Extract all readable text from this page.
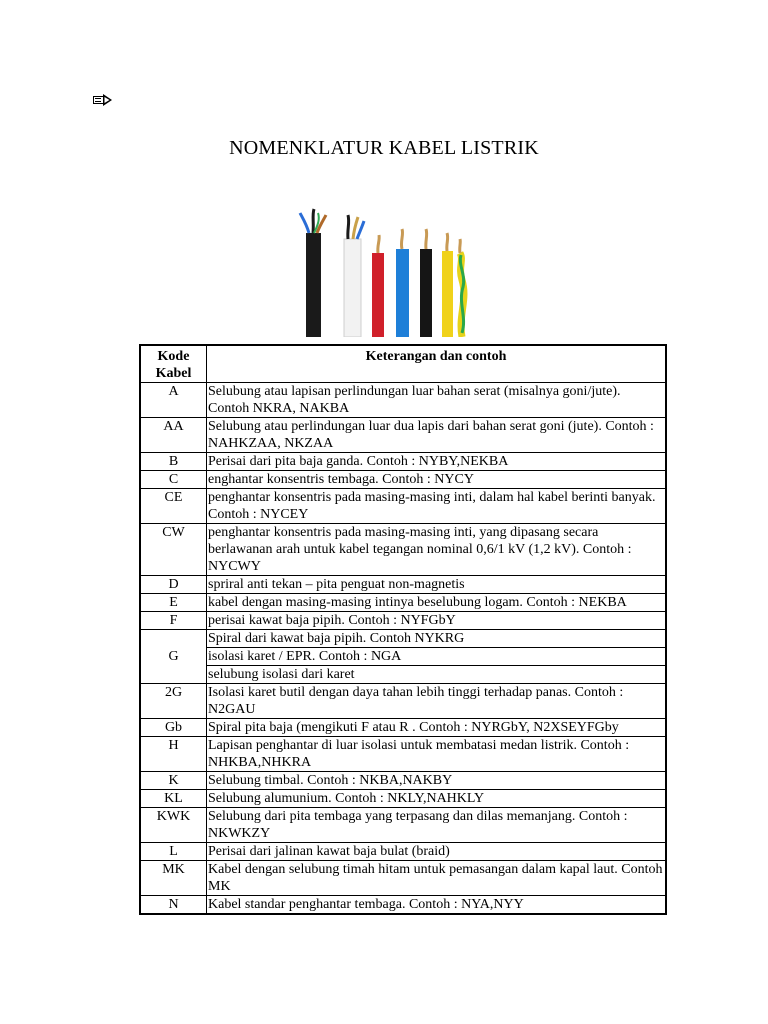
NOMENKLATUR KABEL LISTRIK
Kode Kabel	Keterangan dan contoh
A	Selubung atau lapisan perlindungan luar bahan serat (misalnya goni/jute). Contoh NKRA, NAKBA
AA	Selubung atau perlindungan luar dua lapis dari bahan serat goni (jute). Contoh : NAHKZAA, NKZAA
B	Perisai dari pita baja ganda. Contoh : NYBY,NEKBA
C	enghantar konsentris tembaga. Contoh : NYCY
CE	penghantar konsentris pada masing-masing inti, dalam hal kabel berinti banyak. Contoh : NYCEY
CW	penghantar konsentris pada masing-masing inti, yang dipasang secara berlawanan arah untuk kabel tegangan nominal 0,6/1 kV (1,2 kV). Contoh : NYCWY
D	spriral anti tekan – pita penguat non-magnetis
E	kabel dengan masing-masing intinya beselubung logam. Contoh : NEKBA
F	perisai kawat baja pipih. Contoh : NYFGbY
G	Spiral dari kawat baja pipih. Contoh NYKRG
	isolasi karet / EPR. Contoh : NGA
	selubung isolasi dari karet
2G	Isolasi karet butil dengan daya tahan lebih tinggi terhadap panas. Contoh : N2GAU
Gb	Spiral pita baja (mengikuti F atau R . Contoh : NYRGbY, N2XSEYFGby
H	Lapisan penghantar di luar isolasi untuk membatasi medan listrik. Contoh : NHKBA,NHKRA
K	Selubung timbal. Contoh : NKBA,NAKBY
KL	Selubung alumunium. Contoh : NKLY,NAHKLY
KWK	Selubung dari pita tembaga yang terpasang dan dilas memanjang. Contoh : NKWKZY
L	Perisai dari jalinan kawat baja bulat (braid)
MK	Kabel dengan selubung timah hitam untuk pemasangan dalam kapal laut. Contoh MK
N	Kabel standar penghantar tembaga. Contoh : NYA,NYY
